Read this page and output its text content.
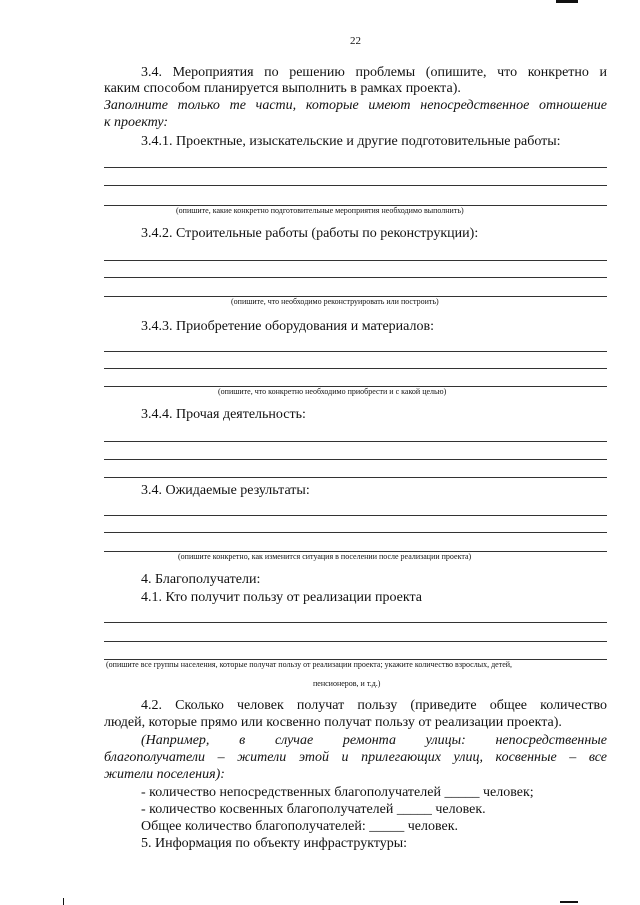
22
3.4. Мероприятия по решению проблемы (опишите, что конкретно и
каким способом планируется выполнить в рамках проекта).
Заполните только те части, которые имеют непосредственное отношение
к проекту:
3.4.1. Проектные, изыскательские и другие подготовительные работы:
(опишите, какие конкретно подготовительные мероприятия необходимо выполнить)
3.4.2. Строительные работы (работы по реконструкции):
(опишите, что необходимо реконструировать или построить)
3.4.3. Приобретение оборудования и материалов:
(опишите, что конкретно необходимо приобрести и с какой целью)
3.4.4. Прочая деятельность:
3.4. Ожидаемые результаты:
(опишите конкретно, как изменится ситуация в поселении после реализации проекта)
4. Благополучатели:
4.1. Кто получит пользу от реализации проекта
(опишите все группы населения, которые получат пользу от реализации проекта; укажите количество взрослых, детей,
пенсионеров, и т.д.)
4.2. Сколько человек получат пользу (приведите общее количество
людей, которые прямо или косвенно получат пользу от реализации проекта).
(Например, в случае ремонта улицы: непосредственные
благополучатели – жители этой и прилегающих улиц, косвенные – все
жители поселения):
- количество непосредственных благополучателей _____ человек;
- количество косвенных благополучателей _____ человек.
Общее количество благополучателей: _____ человек.
5. Информация по объекту инфраструктуры:
